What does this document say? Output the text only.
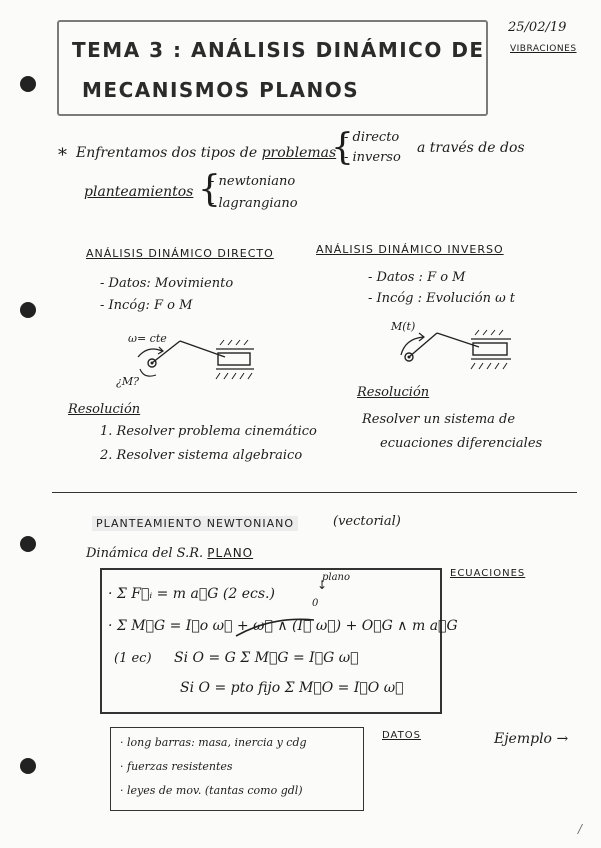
25/02/19
VIBRACIONES
TEMA 3 : ANÁLISIS DINÁMICO DE
MECANISMOS PLANOS
* Enfrentamos dos tipos de problemas
{
- directo
- inverso
a través de dos
planteamientos {
- newtoniano
- lagrangiano
ANÁLISIS DINÁMICO DIRECTO
- Datos: Movimiento
- Incóg: F o M
ω= cte
¿M?
Resolución
1. Resolver problema cinemático
2. Resolver sistema algebraico
ANÁLISIS DINÁMICO INVERSO
- Datos : F o M
- Incóg : Evolución ω t
M(t)
Resolución
Resolver un sistema de
ecuaciones diferenciales
PLANTEAMIENTO NEWTONIANO	(vectorial)
Dinámica del S.R. PLANO
· Σ F⃗ᵢ = m a⃗G (2 ecs.)
plano
↓
0
· Σ M⃗G = I⃗o ω⃗ + ω⃗ ∧ (I⃗ ω⃗) + O⃗G ∧ m a⃗G
(1 ec) Si O = G Σ M⃗G = I⃗G ω⃗
Si O = pto fijo Σ M⃗O = I⃗O ω⃗
ECUACIONES
· long barras: masa, inercia y cdg
· fuerzas resistentes
· leyes de mov. (tantas como gdl)
DATOS	Ejemplo →
/
